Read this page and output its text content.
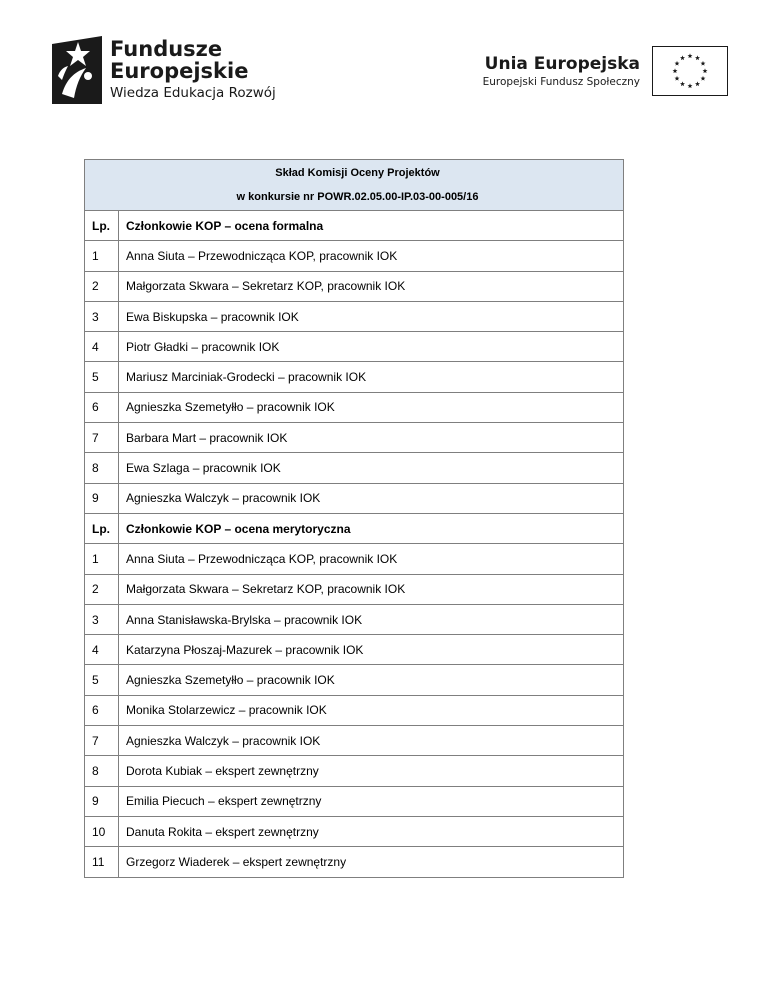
Fundusze
Europejskie
Wiedza Edukacja Rozwój
Unia Europejska
Europejski Fundusz Społeczny
Skład Komisji Oceny Projektów
w konkursie nr POWR.02.05.00-IP.03-00-005/16	

Lp.	Członkowie KOP – ocena formalna
1	Anna Siuta – Przewodnicząca KOP, pracownik IOK
2	Małgorzata Skwara – Sekretarz KOP, pracownik IOK
3	Ewa Biskupska – pracownik IOK
4	Piotr Gładki – pracownik IOK
5	Mariusz Marciniak-Grodecki – pracownik IOK
6	Agnieszka Szemetyłło – pracownik IOK
7	Barbara Mart – pracownik IOK
8	Ewa Szlaga – pracownik IOK
9	Agnieszka Walczyk – pracownik IOK
Lp.	Członkowie KOP – ocena merytoryczna
1	Anna Siuta – Przewodnicząca KOP, pracownik IOK
2	Małgorzata Skwara – Sekretarz KOP, pracownik IOK
3	Anna Stanisławska-Brylska – pracownik IOK
4	Katarzyna Płoszaj-Mazurek – pracownik IOK
5	Agnieszka Szemetyłło – pracownik IOK
6	Monika Stolarzewicz – pracownik IOK
7	Agnieszka Walczyk – pracownik IOK
8	Dorota Kubiak – ekspert zewnętrzny
9	Emilia Piecuch – ekspert zewnętrzny
10	Danuta Rokita – ekspert zewnętrzny
11	Grzegorz Wiaderek – ekspert zewnętrzny
